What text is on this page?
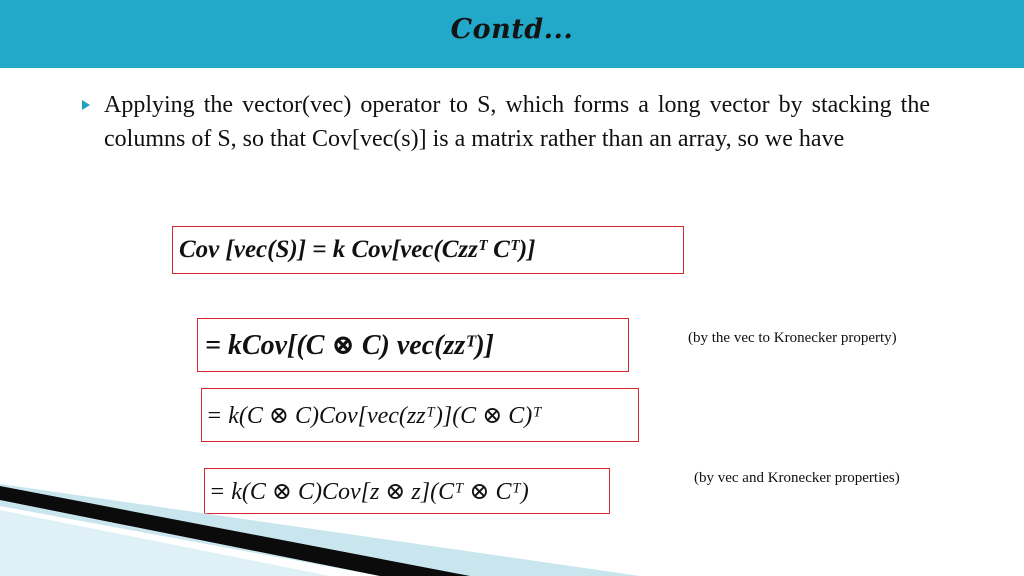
Contd...
Applying the vector(vec) operator to S, which forms a long vector by stacking the columns of S, so that Cov[vec(s)] is a matrix rather than an array, so we have
Cov [vec(S)] = k Cov[vec(Czzᵀ Cᵀ)]
= kCov[(C ⊗ C) vec(zzᵀ)]
= k(C ⊗ C)Cov[vec(zzᵀ)](C ⊗ C)ᵀ
= k(C ⊗ C)Cov[z ⊗ z](Cᵀ ⊗ Cᵀ)
(by the vec to Kronecker property)
(by vec and Kronecker properties)
